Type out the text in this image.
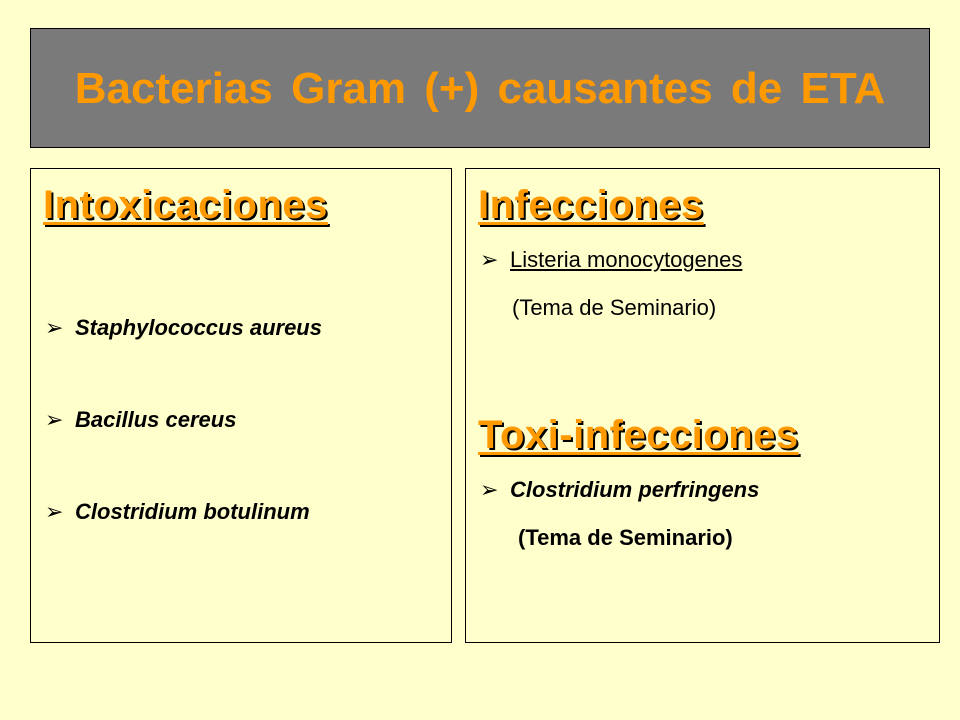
Bacterias Gram (+) causantes de ETA
Intoxicaciones
➢ Staphylococcus aureus
➢ Bacillus cereus
➢ Clostridium botulinum
Infecciones
➢ Listeria monocytogenes
(Tema de Seminario)
Toxi-infecciones
➢ Clostridium perfringens
(Tema de Seminario)
